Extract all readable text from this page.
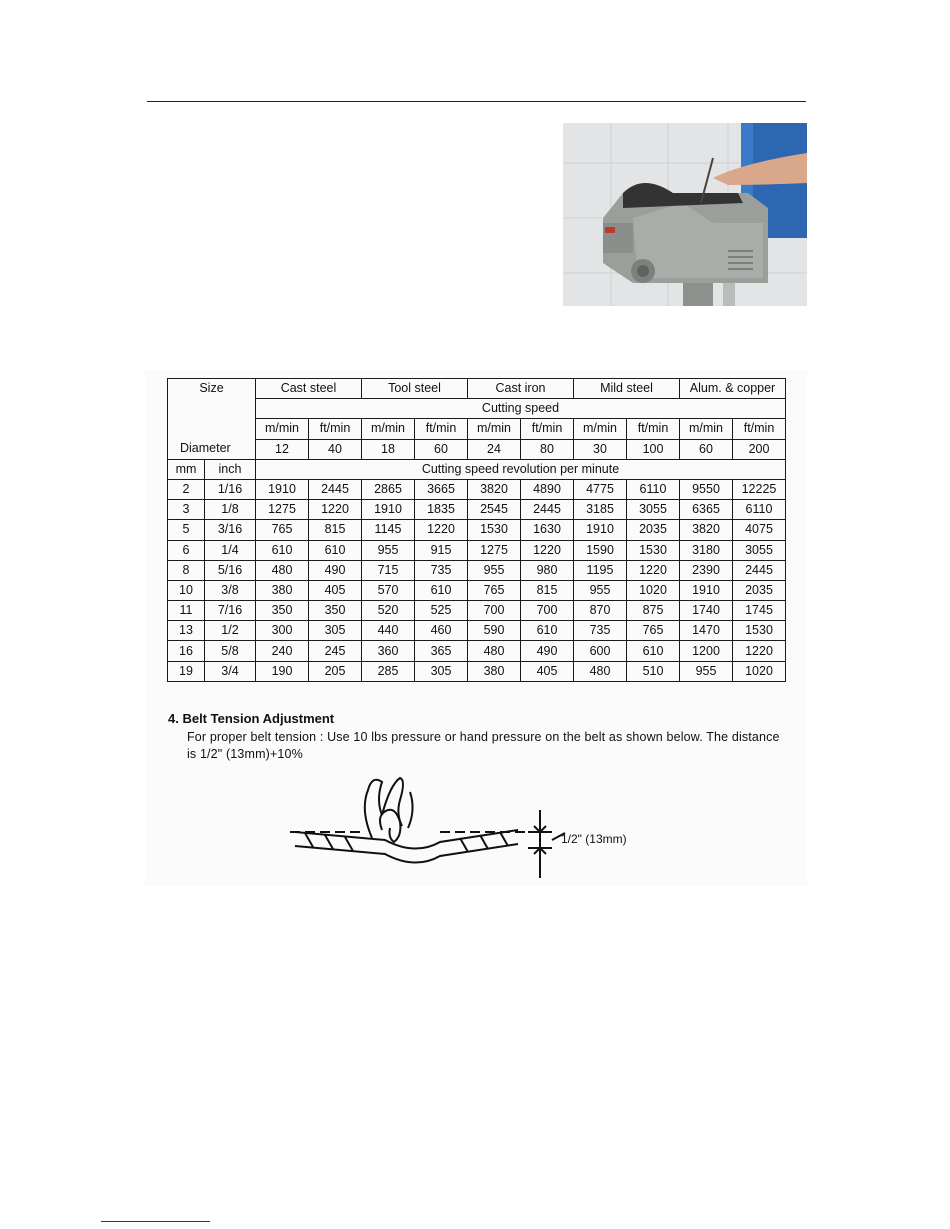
Size		Cast steel		Tool steel		Cast iron		Mild steel		Alum. & copper	
		Cutting speed									
		m/min	ft/min	m/min	ft/min	m/min	ft/min	m/min	ft/min	m/min	ft/min
Diameter		12	40	18	60	24	80	30	100	60	200
mm	inch	Cutting speed revolution per minute									
2	1/16	1910	2445	2865	3665	3820	4890	4775	6110	9550	12225
3	1/8	1275	1220	1910	1835	2545	2445	3185	3055	6365	6110
5	3/16	765	815	1145	1220	1530	1630	1910	2035	3820	4075
6	1/4	610	610	955	915	1275	1220	1590	1530	3180	3055
8	5/16	480	490	715	735	955	980	1195	1220	2390	2445
10	3/8	380	405	570	610	765	815	955	1020	1910	2035
11	7/16	350	350	520	525	700	700	870	875	1740	1745
13	1/2	300	305	440	460	590	610	735	765	1470	1530
16	5/8	240	245	360	365	480	490	600	610	1200	1220
19	3/4	190	205	285	305	380	405	480	510	955	1020
4. Belt Tension Adjustment
For proper belt tension : Use 10 lbs pressure or hand pressure on the belt as shown below. The distance is 1/2" (13mm)+10%
1/2" (13mm)
